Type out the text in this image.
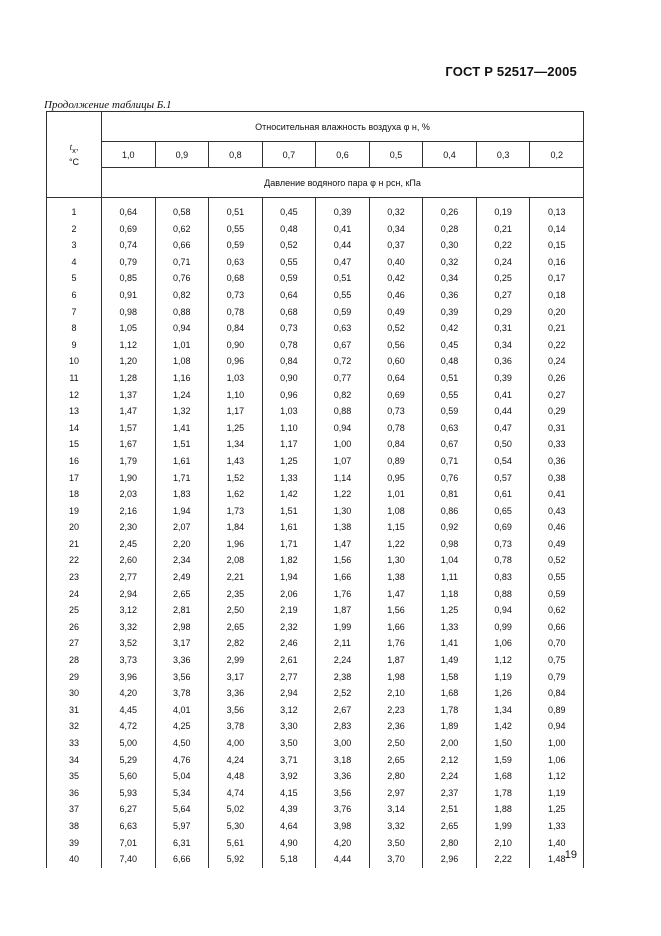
ГОСТ Р 52517—2005
Продолжение таблицы Б.1
$t_х$,
°C	Относительная влажность воздуха φ н, %								
	1,0	0,9	0,8	0,7	0,6	0,5	0,4	0,3	0,2
	Давление водяного пара φ н рсн, кПа								
1	0,64	0,58	0,51	0,45	0,39	0,32	0,26	0,19	0,13
2	0,69	0,62	0,55	0,48	0,41	0,34	0,28	0,21	0,14
3	0,74	0,66	0,59	0,52	0,44	0,37	0,30	0,22	0,15
4	0,79	0,71	0,63	0,55	0,47	0,40	0,32	0,24	0,16
5	0,85	0,76	0,68	0,59	0,51	0,42	0,34	0,25	0,17
6	0,91	0,82	0,73	0,64	0,55	0,46	0,36	0,27	0,18
7	0,98	0,88	0,78	0,68	0,59	0,49	0,39	0,29	0,20
8	1,05	0,94	0,84	0,73	0,63	0,52	0,42	0,31	0,21
9	1,12	1,01	0,90	0,78	0,67	0,56	0,45	0,34	0,22
10	1,20	1,08	0,96	0,84	0,72	0,60	0,48	0,36	0,24
11	1,28	1,16	1,03	0,90	0,77	0,64	0,51	0,39	0,26
12	1,37	1,24	1,10	0,96	0,82	0,69	0,55	0,41	0,27
13	1,47	1,32	1,17	1,03	0,88	0,73	0,59	0,44	0,29
14	1,57	1,41	1,25	1,10	0,94	0,78	0,63	0,47	0,31
15	1,67	1,51	1,34	1,17	1,00	0,84	0,67	0,50	0,33
16	1,79	1,61	1,43	1,25	1,07	0,89	0,71	0,54	0,36
17	1,90	1,71	1,52	1,33	1,14	0,95	0,76	0,57	0,38
18	2,03	1,83	1,62	1,42	1,22	1,01	0,81	0,61	0,41
19	2,16	1,94	1,73	1,51	1,30	1,08	0,86	0,65	0,43
20	2,30	2,07	1,84	1,61	1,38	1,15	0,92	0,69	0,46
21	2,45	2,20	1,96	1,71	1,47	1,22	0,98	0,73	0,49
22	2,60	2,34	2,08	1,82	1,56	1,30	1,04	0,78	0,52
23	2,77	2,49	2,21	1,94	1,66	1,38	1,11	0,83	0,55
24	2,94	2,65	2,35	2,06	1,76	1,47	1,18	0,88	0,59
25	3,12	2,81	2,50	2,19	1,87	1,56	1,25	0,94	0,62
26	3,32	2,98	2,65	2,32	1,99	1,66	1,33	0,99	0,66
27	3,52	3,17	2,82	2,46	2,11	1,76	1,41	1,06	0,70
28	3,73	3,36	2,99	2,61	2,24	1,87	1,49	1,12	0,75
29	3,96	3,56	3,17	2,77	2,38	1,98	1,58	1,19	0,79
30	4,20	3,78	3,36	2,94	2,52	2,10	1,68	1,26	0,84
31	4,45	4,01	3,56	3,12	2,67	2,23	1,78	1,34	0,89
32	4,72	4,25	3,78	3,30	2,83	2,36	1,89	1,42	0,94
33	5,00	4,50	4,00	3,50	3,00	2,50	2,00	1,50	1,00
34	5,29	4,76	4,24	3,71	3,18	2,65	2,12	1,59	1,06
35	5,60	5,04	4,48	3,92	3,36	2,80	2,24	1,68	1,12
36	5,93	5,34	4,74	4,15	3,56	2,97	2,37	1,78	1,19
37	6,27	5,64	5,02	4,39	3,76	3,14	2,51	1,88	1,25
38	6,63	5,97	5,30	4,64	3,98	3,32	2,65	1,99	1,33
39	7,01	6,31	5,61	4,90	4,20	3,50	2,80	2,10	1,40
40	7,40	6,66	5,92	5,18	4,44	3,70	2,96	2,22	1,48 19
